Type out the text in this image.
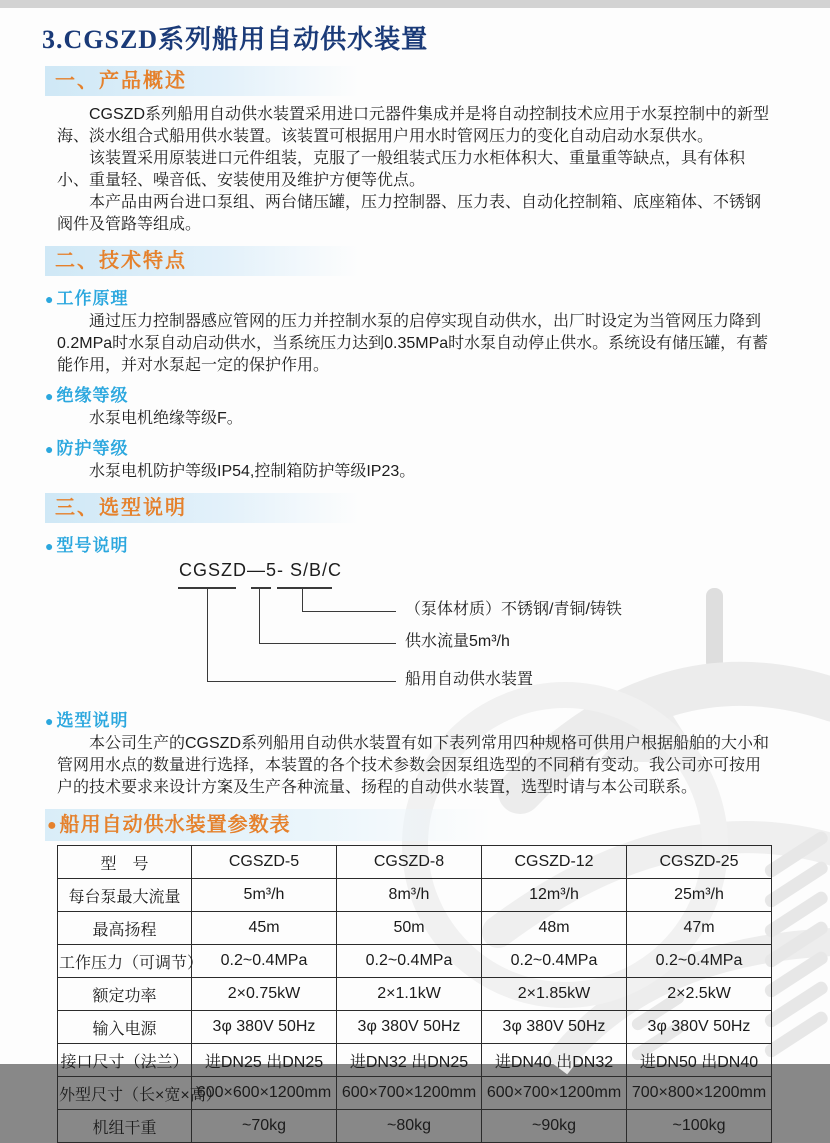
3.CGSZD系列船用自动供水装置
一、产品概述

CGSZD系列船用自动供水装置采用进口元器件集成并是将自动控制技术应用于水泵控制中的新型海、淡水组合式船用供水装置。该装置可根据用户用水时管网压力的变化自动启动水泵供水。

该装置采用原装进口元件组装，克服了一般组装式压力水柜体积大、重量重等缺点，具有体积小、重量轻、噪音低、安装使用及维护方便等优点。

本产品由两台进口泵组、两台储压罐，压力控制器、压力表、自动化控制箱、底座箱体、不锈钢阀件及管路等组成。

二、技术特点
● 工作原理

通过压力控制器感应管网的压力并控制水泵的启停实现自动供水，出厂时设定为当管网压力降到0.2MPa时水泵自动启动供水，当系统压力达到0.35MPa时水泵自动停止供水。系统设有储压罐，有蓄能作用，并对水泵起一定的保护作用。

● 绝缘等级

水泵电机绝缘等级F。

● 防护等级

水泵电机防护等级IP54,控制箱防护等级IP23。

三、选型说明
● 型号说明
CGSZD—5- S/B/C
（泵体材质）不锈钢/青铜/铸铁
供水流量5m³/h
船用自动供水装置
● 选型说明

本公司生产的CGSZD系列船用自动供水装置有如下表列常用四种规格可供用户根据船舶的大小和管网用水点的数量进行选择，本装置的各个技术参数会因泵组选型的不同稍有变动。我公司亦可按用户的技术要求来设计方案及生产各种流量、扬程的自动供水装置，选型时请与本公司联系。

● 船用自动供水装置参数表
型　号	CGSZD-5	CGSZD-8	CGSZD-12	CGSZD-25
每台泵最大流量	5m³/h	8m³/h	12m³/h	25m³/h
最高扬程	45m	50m	48m	47m
工作压力（可调节）	0.2~0.4MPa	0.2~0.4MPa	0.2~0.4MPa	0.2~0.4MPa
额定功率	2×0.75kW	2×1.1kW	2×1.85kW	2×2.5kW
输入电源	3φ 380V 50Hz	3φ 380V 50Hz	3φ 380V 50Hz	3φ 380V 50Hz
接口尺寸（法兰）	进DN25 出DN25	进DN32 出DN25	进DN40 出DN32	进DN50 出DN40
外型尺寸（长×宽×高）	600×600×1200mm	600×700×1200mm	600×700×1200mm	700×800×1200mm
机组干重	~70kg	~80kg	~90kg	~100kg
